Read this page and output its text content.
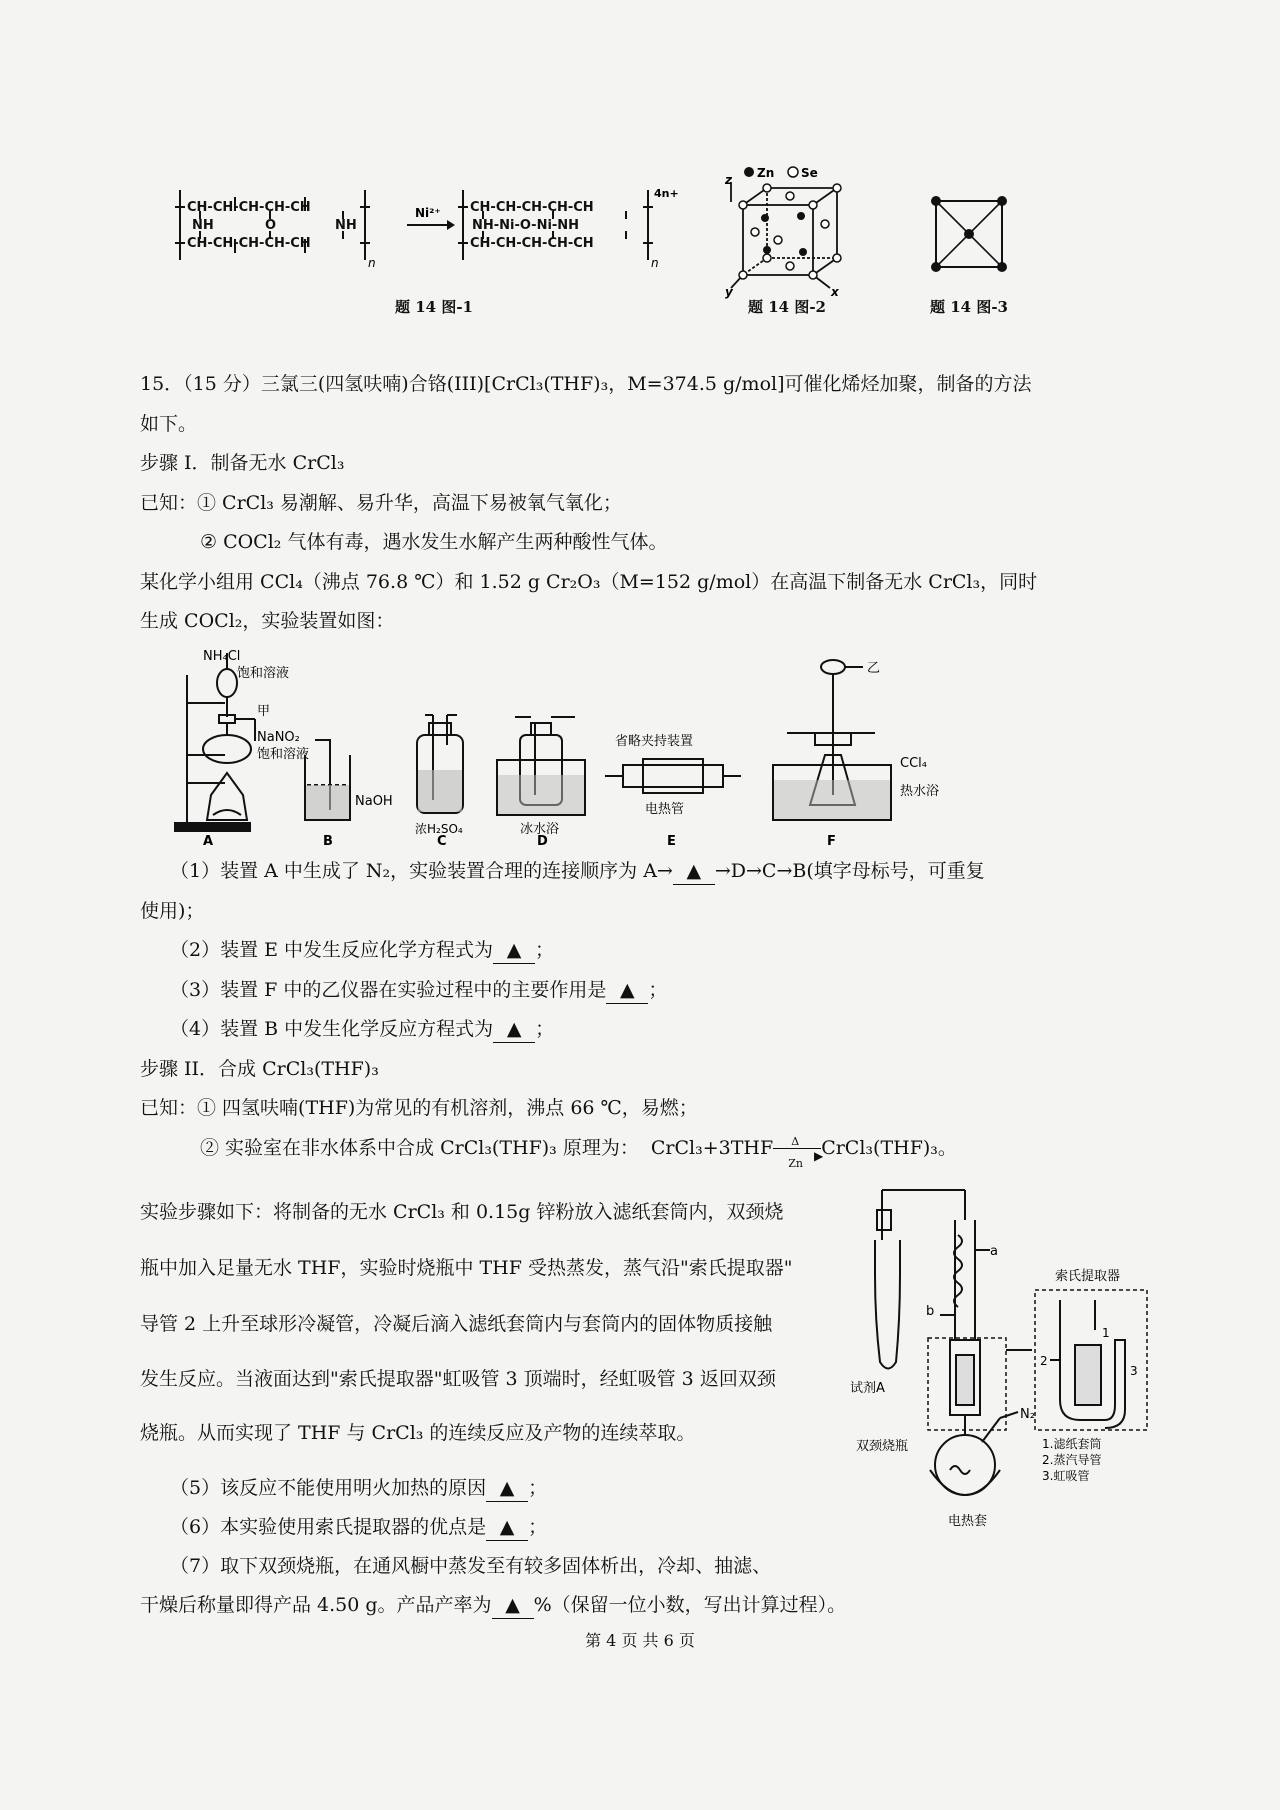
CH-CH-CH-CH-CH
CH-CH-CH-CH-CH
NH	O	NH
n
Ni²⁺ CH-CH-CH-CH-CH
CH-CH-CH-CH-CH
NH-Ni-O-Ni-NH
n
4n+
题 14 图-1
Zn Se
z
y	x
题 14 图-2	题 14 图-3
15．（15 分）三氯三(四氢呋喃)合铬(III)[CrCl₃(THF)₃，M=374.5 g/mol]可催化烯烃加聚，制备的方法
如下。
步骤 I．制备无水 CrCl₃
已知：① CrCl₃ 易潮解、易升华，高温下易被氧气氧化；
② COCl₂ 气体有毒，遇水发生水解产生两种酸性气体。
某化学小组用 CCl₄（沸点 76.8 ℃）和 1.52 g Cr₂O₃（M=152 g/mol）在高温下制备无水 CrCl₃，同时
生成 COCl₂，实验装置如图：
NH₄Cl
饱和溶液
甲
NaNO₂
饱和溶液
A
NaOH
B
浓H₂SO₄
C
冰水浴
D
省略夹持装置
电热管
E
乙
CCl₄
热水浴
F
（1）装置 A 中生成了 N₂，实验装置合理的连接顺序为 A→ ▲ →D→C→B(填字母标号，可重复
使用)；
（2）装置 E 中发生反应化学方程式为 ▲ ；
（3）装置 F 中的乙仪器在实验过程中的主要作用是 ▲ ；
（4）装置 B 中发生化学反应方程式为 ▲ ；
步骤 II．合成 CrCl₃(THF)₃
已知：① 四氢呋喃(THF)为常见的有机溶剂，沸点 66 ℃，易燃；
② 实验室在非水体系中合成 CrCl₃(THF)₃ 原理为： CrCl₃+3THF	▶
Δ
Zn
CrCl₃(THF)₃。
实验步骤如下：将制备的无水 CrCl₃ 和 0.15g 锌粉放入滤纸套筒内，双颈烧
瓶中加入足量无水 THF，实验时烧瓶中 THF 受热蒸发，蒸气沿"索氏提取器"
导管 2 上升至球形冷凝管，冷凝后滴入滤纸套筒内与套筒内的固体物质接触
发生反应。当液面达到"索氏提取器"虹吸管 3 顶端时，经虹吸管 3 返回双颈
烧瓶。从而实现了 THF 与 CrCl₃ 的连续反应及产物的连续萃取。
试剂A
a
b
双颈烧瓶
N₂
电热套
索氏提取器
1
2
3
1.滤纸套筒
2.蒸汽导管
3.虹吸管
（5）该反应不能使用明火加热的原因 ▲ ；
（6）本实验使用索氏提取器的优点是 ▲ ；
（7）取下双颈烧瓶，在通风橱中蒸发至有较多固体析出，冷却、抽滤、
干燥后称量即得产品 4.50 g。产品产率为 ▲ %（保留一位小数，写出计算过程）。
第 4 页 共 6 页
